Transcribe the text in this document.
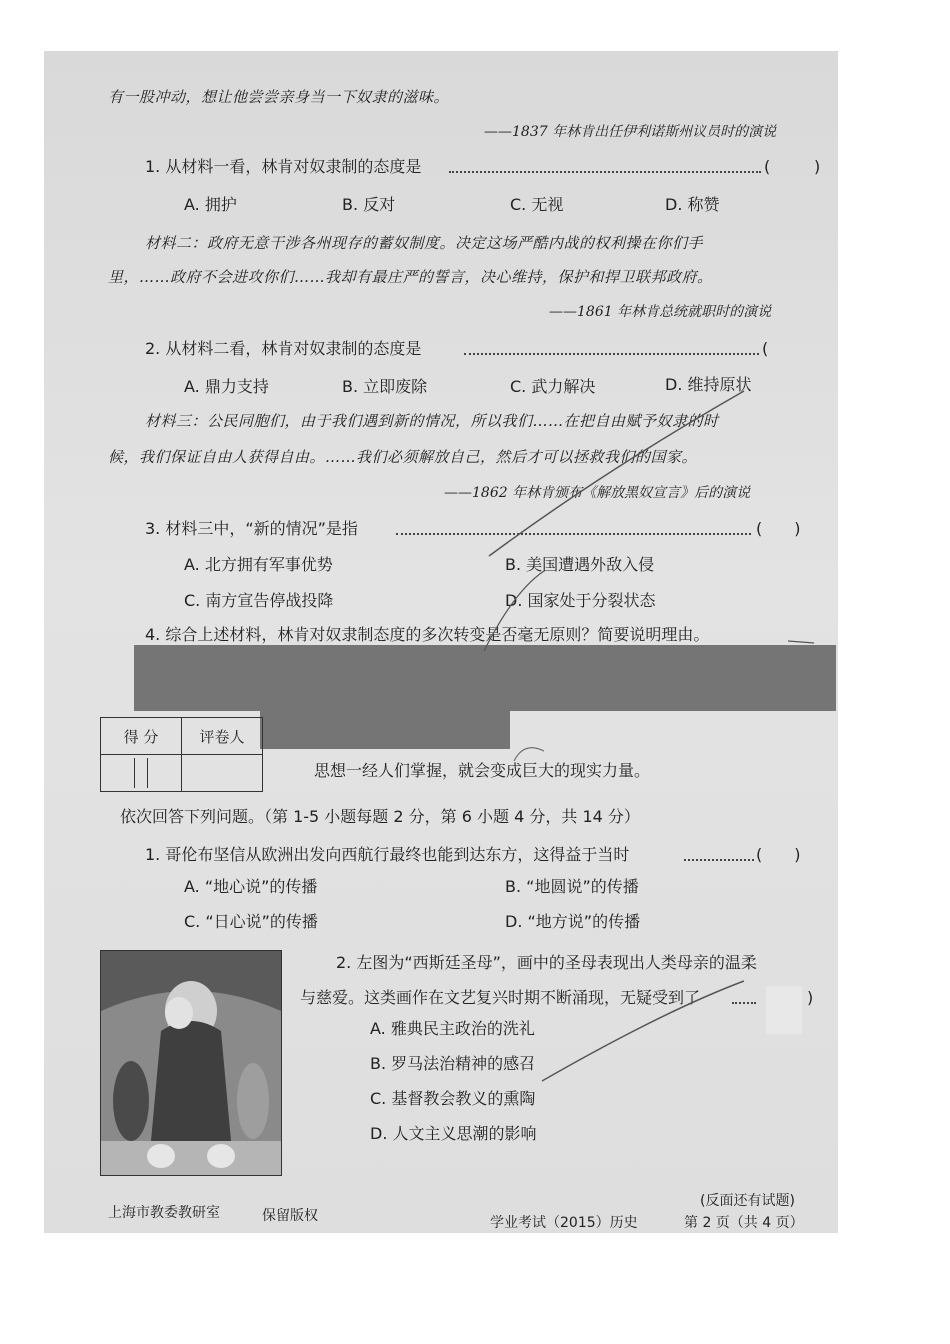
有一股冲动，想让他尝尝亲身当一下奴隶的滋味。
——1837 年林肯出任伊利诺斯州议员时的演说
1. 从材料一看，林肯对奴隶制的态度是	(	)
A. 拥护	B. 反对	C. 无视	D. 称赞
材料二：政府无意干涉各州现存的蓄奴制度。决定这场严酷内战的权利操在你们手
里，……政府不会进攻你们……我却有最庄严的誓言，决心维持，保护和捍卫联邦政府。
——1861 年林肯总统就职时的演说
2. 从材料二看，林肯对奴隶制的态度是	(
A. 鼎力支持	B. 立即废除	C. 武力解决	D. 维持原状
材料三：公民同胞们，由于我们遇到新的情况，所以我们……在把自由赋予奴隶的时
候，我们保证自由人获得自由。……我们必须解放自己，然后才可以拯救我们的国家。
——1862 年林肯颁布《解放黑奴宣言》后的演说
3. 材料三中，“新的情况”是指	(　　)
A. 北方拥有军事优势	B. 美国遭遇外敌入侵
C. 南方宣告停战投降	D. 国家处于分裂状态
4. 综合上述材料，林肯对奴隶制态度的多次转变是否毫无原则？简要说明理由。
得 分	评卷人

思想一经人们掌握，就会变成巨大的现实力量。
依次回答下列问题。（第 1-5 小题每题 2 分，第 6 小题 4 分，共 14 分）
1. 哥伦布坚信从欧洲出发向西航行最终也能到达东方，这得益于当时	(　　)
A. “地心说”的传播	B. “地圆说”的传播
C. “日心说”的传播	D. “地方说”的传播
2. 左图为“西斯廷圣母”，画中的圣母表现出人类母亲的温柔
与慈爱。这类画作在文艺复兴时期不断涌现，无疑受到了	)
A. 雅典民主政治的洗礼
B. 罗马法治精神的感召
C. 基督教会教义的熏陶
D. 人文主义思潮的影响
上海市教委教研室	保留版权
(反面还有试题)
学业考试（2015）历史	第 2 页（共 4 页）
